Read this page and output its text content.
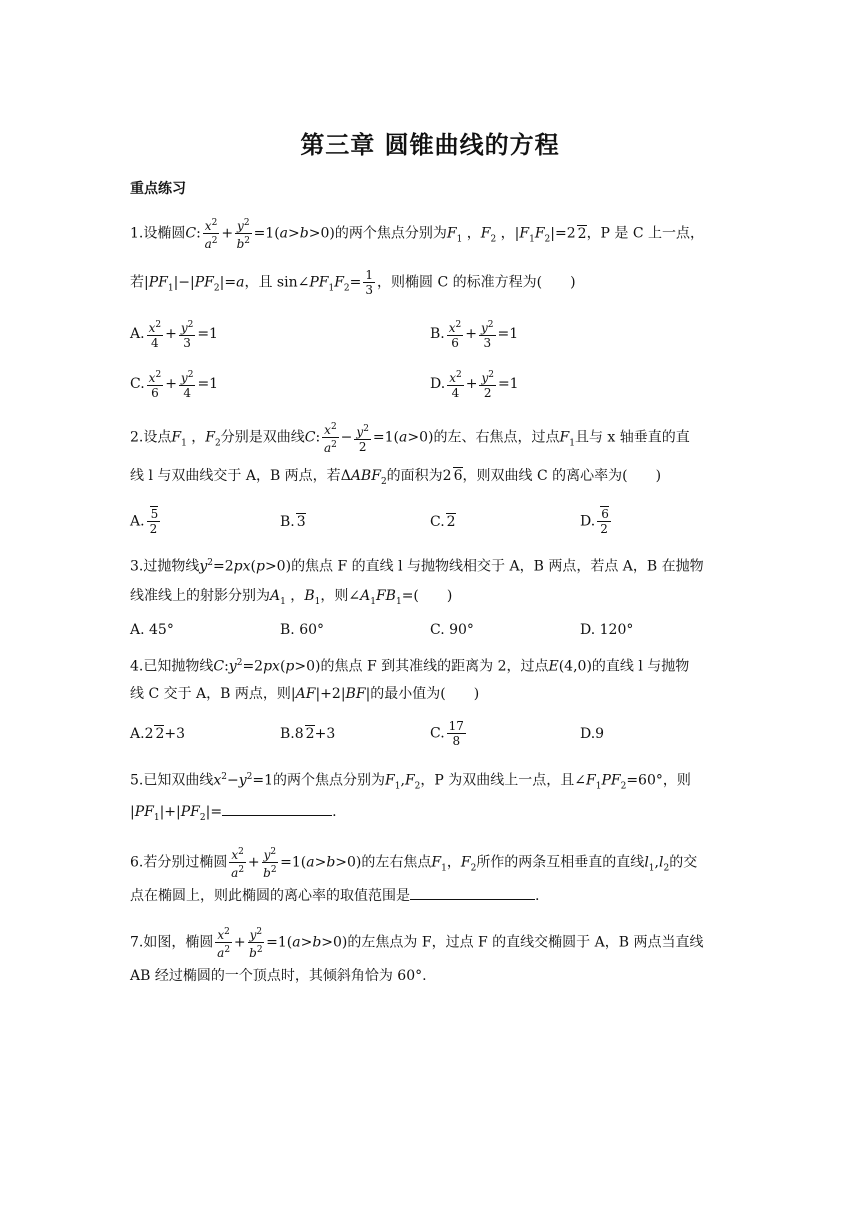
第三章 圆锥曲线的方程
重点练习
1.设椭圆C: $\frac{x^2}{a^2} + \frac{y^2}{b^2} =1(a>b>0)$的两个焦点分别为$F_1$ ，$F_2$ ，$|F_1F_2|=2$ 2，P 是 C 上一点，
若$|PF_1|-|PF_2|=a$，且 $\sin\angle PF_1F_2= \frac{1}{3}$ ，则椭圆 C 的标准方程为(　　)
A. $\frac{x^2}{4} + \frac{y^2}{3} =1$	B. $\frac{x^2}{6} + \frac{y^2}{3} =1$
C. $\frac{x^2}{6} + \frac{y^2}{4} =1$	D. $\frac{x^2}{4} + \frac{y^2}{2} =1$
2.设点$F_1$ ，$F_2$分别是双曲线C: $\frac{x^2}{a^2} - \frac{y^2}{2} =1(a>0)$的左、右焦点，过点$F_1$且与 x 轴垂直的直
线 l 与双曲线交于 A，B 两点，若$\Delta ABF_2$的面积为2 6，则双曲线 C 的离心率为(　　)
A. $\frac{5}{2}$	B. 3	C. 2	D. $\frac{6}{2}$
3.过抛物线$y^2=2px(p>0)$的焦点 F 的直线 l 与抛物线相交于 A，B 两点，若点 A，B 在抛物
线准线上的射影分别为$A_1$ ，$B_1$，则$\angle A_1FB_1=$(　　)
A. 45°	B. 60°	C. 90°	D. 120°
4.已知抛物线$C:y^2=2px(p>0)$的焦点 F 到其准线的距离为 2，过点E(4,0)的直线 l 与抛物
线 C 交于 A，B 两点，则|AF|+2|BF|的最小值为(　　)
A.2 2+3	B.8 2+3	C. $\frac{17}{8}$	D.9
5.已知双曲线$x^2-y^2=1$的两个焦点分别为$F_1,F_2$，P 为双曲线上一点，且$\angle F_1PF_2=60^\circ$，则
$|PF_1|+|PF_2|=$	.
6.若分别过椭圆 $\frac{x^2}{a^2} + \frac{y^2}{b^2} =1(a>b>0)$的左右焦点$F_1$，$F_2$所作的两条互相垂直的直线$l_1,l_2$的交
点在椭圆上，则此椭圆的离心率的取值范围是	.
7.如图，椭圆 $\frac{x^2}{a^2} + \frac{y^2}{b^2} =1(a>b>0)$的左焦点为 F，过点 F 的直线交椭圆于 A，B 两点当直线
AB 经过椭圆的一个顶点时，其倾斜角恰为 60°.
